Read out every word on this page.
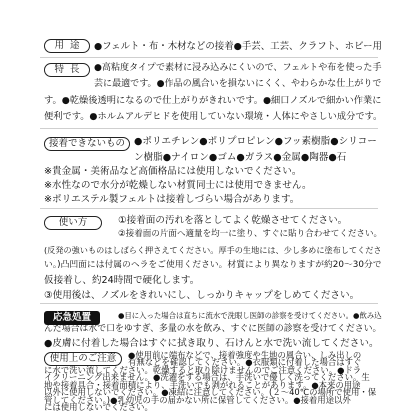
用途 ●フェルト・布・木材などの接着●手芸、工芸、クラフト、ホビー用
特長 ●高粘度タイプで素材に浸み込みにくいので、フェルトや布を使った手
芸に最適です。●作品の風合いを損ないにくく、やわらかな仕上がりで
す。●乾燥後透明になるので仕上がりがきれいです。●細口ノズルで細かい作業に
便利です。●ホルムアルデヒドを使用していない環境・人体にやさしい成分です。
接着できないもの ●ポリエチレン●ポリプロピレン●フッ素樹脂●シリコー
ン樹脂●ナイロン●ゴム●ガラス●金属●陶器●石
※貴金属・美術品など高価格品には使用しないでください。
※水性なので水分が乾燥しない材質同士には使用できません。
※ポリエステル製フェルトは接着しづらい場合があります。
使い方	①接着面の汚れを落としてよく乾燥させてください。
②接着面の片面へ適量を均一に塗り、すぐに貼り合わせてください。
(反発の強いものはしばらく押さえてください。厚手の生地には、少し多めに塗布してくださ
い。)凸凹面には付属のヘラをご使用ください。材質により異なりますが約20～30分で
仮接着し、約24時間で硬化します。
③使用後は、ノズルをきれいにし、しっかりキャップをしめてください。
応急処置	●目に入った場合は直ちに流水で洗眼し医師の診察を受けてください。●飲み込
んだ場合は水で口をゆすぎ、多量の水を飲み、すぐに医師の診察を受けてください。
●皮膚に付着した場合はすぐに拭き取り、石けんと水で洗い流してください。
使用上のご注意	●使用前に端布などで、接着強度や生地の風合い、しみ出しの
有無などを確認してください。●衣服類に付着した場合はすぐ
に水で洗い流してください。乾燥すると取り除けませんのでご注意ください。●ドラ
イクリーニング出来ません。●洗濯をする場合は、手洗いで優しく洗ってください。生
地や接着具合・接着面積により、手洗いでも剥がれることがあります。●本来の用途
以外に使用しないでください。●凍結に注意してください。(２～40℃の場所で使用・保
管してください。)●乳幼児の手の届かない所に保管してください。●接着用途以外
には使用しないでください。
